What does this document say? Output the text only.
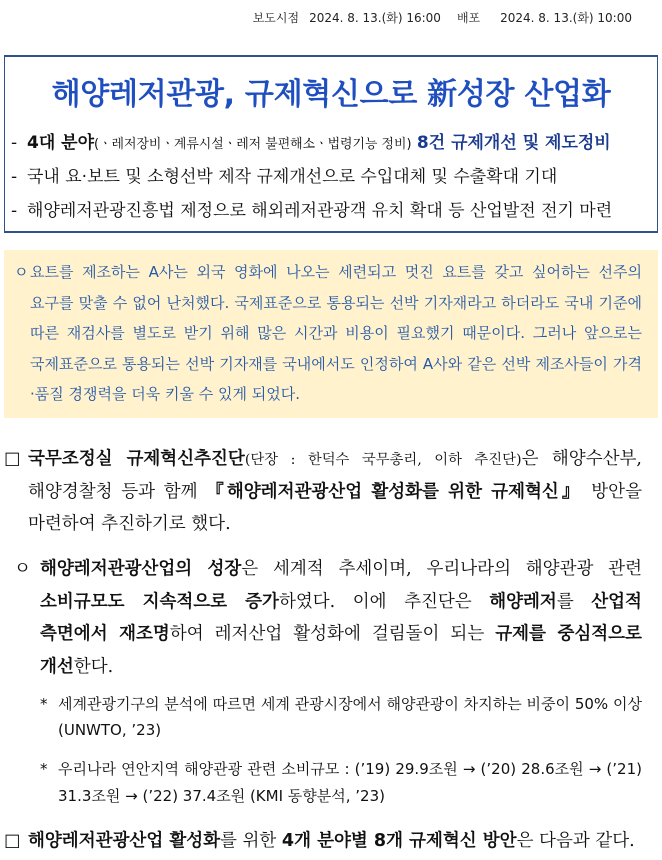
보도시점 2024. 8. 13.(화) 16:00 배포 2024. 8. 13.(화) 10:00
해양레저관광, 규제혁신으로 新성장 산업화
- 4대 분야(ㆍ레저장비ㆍ계류시설ㆍ레저 불편해소ㆍ법령기능 정비) 8건 규제개선 및 제도정비
- 국내 요·보트 및 소형선박 제작 규제개선으로 수입대체 및 수출확대 기대
- 해양레저관광진흥법 제정으로 해외레저관광객 유치 확대 등 산업발전 전기 마련
ㅇ 요트를 제조하는 A사는 외국 영화에 나오는 세련되고 멋진 요트를 갖고 싶어하는 선주의 요구를 맞출 수 없어 난처했다. 국제표준으로 통용되는 선박 기자재라고 하더라도 국내 기준에 따른 재검사를 별도로 받기 위해 많은 시간과 비용이 필요했기 때문이다. 그러나 앞으로는 국제표준으로 통용되는 선박 기자재를 국내에서도 인정하여 A사와 같은 선박 제조사들이 가격·품질 경쟁력을 더욱 키울 수 있게 되었다.

□ 국무조정실 규제혁신추진단(단장 : 한덕수 국무총리, 이하 추진단)은 해양수산부, 해양경찰청 등과 함께 『해양레저관광산업 활성화를 위한 규제혁신』 방안을 마련하여 추진하기로 했다.

ㅇ 해양레저관광산업의 성장은 세계적 추세이며, 우리나라의 해양관광 관련 소비규모도 지속적으로 증가하였다. 이에 추진단은 해양레저를 산업적 측면에서 재조명하여 레저산업 활성화에 걸림돌이 되는 규제를 중심적으로 개선한다.

* 세계관광기구의 분석에 따르면 세계 관광시장에서 해양관광이 차지하는 비중이 50% 이상(UNWTO, ’23)

* 우리나라 연안지역 해양관광 관련 소비규모 : (’19) 29.9조원 → (’20) 28.6조원 → (’21) 31.3조원 → (’22) 37.4조원 (KMI 동향분석, ’23)

□ 해양레저관광산업 활성화를 위한 4개 분야별 8개 규제혁신 방안은 다음과 같다.
